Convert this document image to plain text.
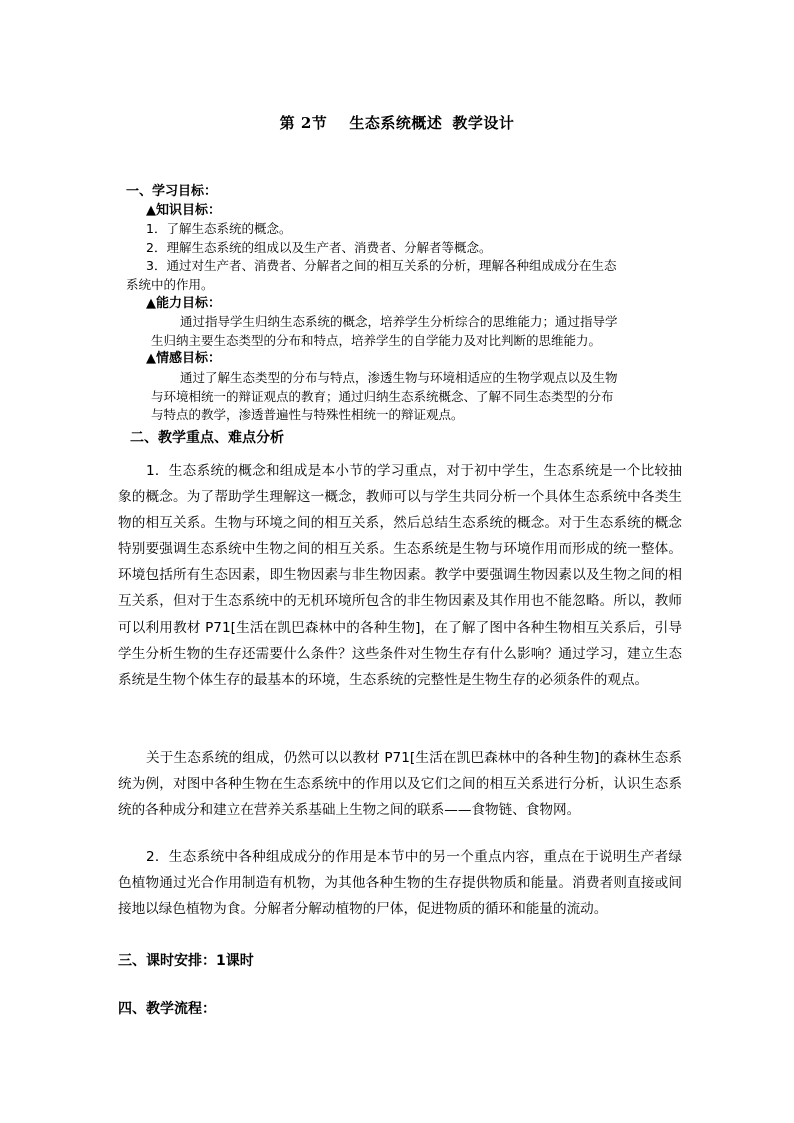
第 2节 生态系统概述 教学设计

一、学习目标：

▲知识目标：

1．了解生态系统的概念。

2．理解生态系统的组成以及生产者、消费者、分解者等概念。

3．通过对生产者、消费者、分解者之间的相互关系的分析，理解各种组成成分在生态

系统中的作用。

▲能力目标：

通过指导学生归纳生态系统的概念，培养学生分析综合的思维能力；通过指导学

生归纳主要生态类型的分布和特点，培养学生的自学能力及对比判断的思维能力。

▲情感目标：

通过了解生态类型的分布与特点，渗透生物与环境相适应的生物学观点以及生物

与环境相统一的辩证观点的教育；通过归纳生态系统概念、了解不同生态类型的分布

与特点的教学，渗透普遍性与特殊性相统一的辩证观点。

二、教学重点、难点分析

1．生态系统的概念和组成是本小节的学习重点，对于初中学生，生态系统是一个比较抽象的概念。为了帮助学生理解这一概念，教师可以与学生共同分析一个具体生态系统中各类生物的相互关系。生物与环境之间的相互关系，然后总结生态系统的概念。对于生态系统的概念特别要强调生态系统中生物之间的相互关系。生态系统是生物与环境作用而形成的统一整体。环境包括所有生态因素，即生物因素与非生物因素。教学中要强调生物因素以及生物之间的相互关系，但对于生态系统中的无机环境所包含的非生物因素及其作用也不能忽略。所以，教师可以利用教材 P71[生活在凯巴森林中的各种生物]，在了解了图中各种生物相互关系后，引导学生分析生物的生存还需要什么条件？这些条件对生物生存有什么影响？通过学习，建立生态系统是生物个体生存的最基本的环境，生态系统的完整性是生物生存的必须条件的观点。

关于生态系统的组成，仍然可以以教材 P71[生活在凯巴森林中的各种生物]的森林生态系统为例，对图中各种生物在生态系统中的作用以及它们之间的相互关系进行分析，认识生态系统的各种成分和建立在营养关系基础上生物之间的联系——食物链、食物网。

2．生态系统中各种组成成分的作用是本节中的另一个重点内容，重点在于说明生产者绿色植物通过光合作用制造有机物，为其他各种生物的生存提供物质和能量。消费者则直接或间接地以绿色植物为食。分解者分解动植物的尸体，促进物质的循环和能量的流动。

三、课时安排：1课时
四、教学流程：
